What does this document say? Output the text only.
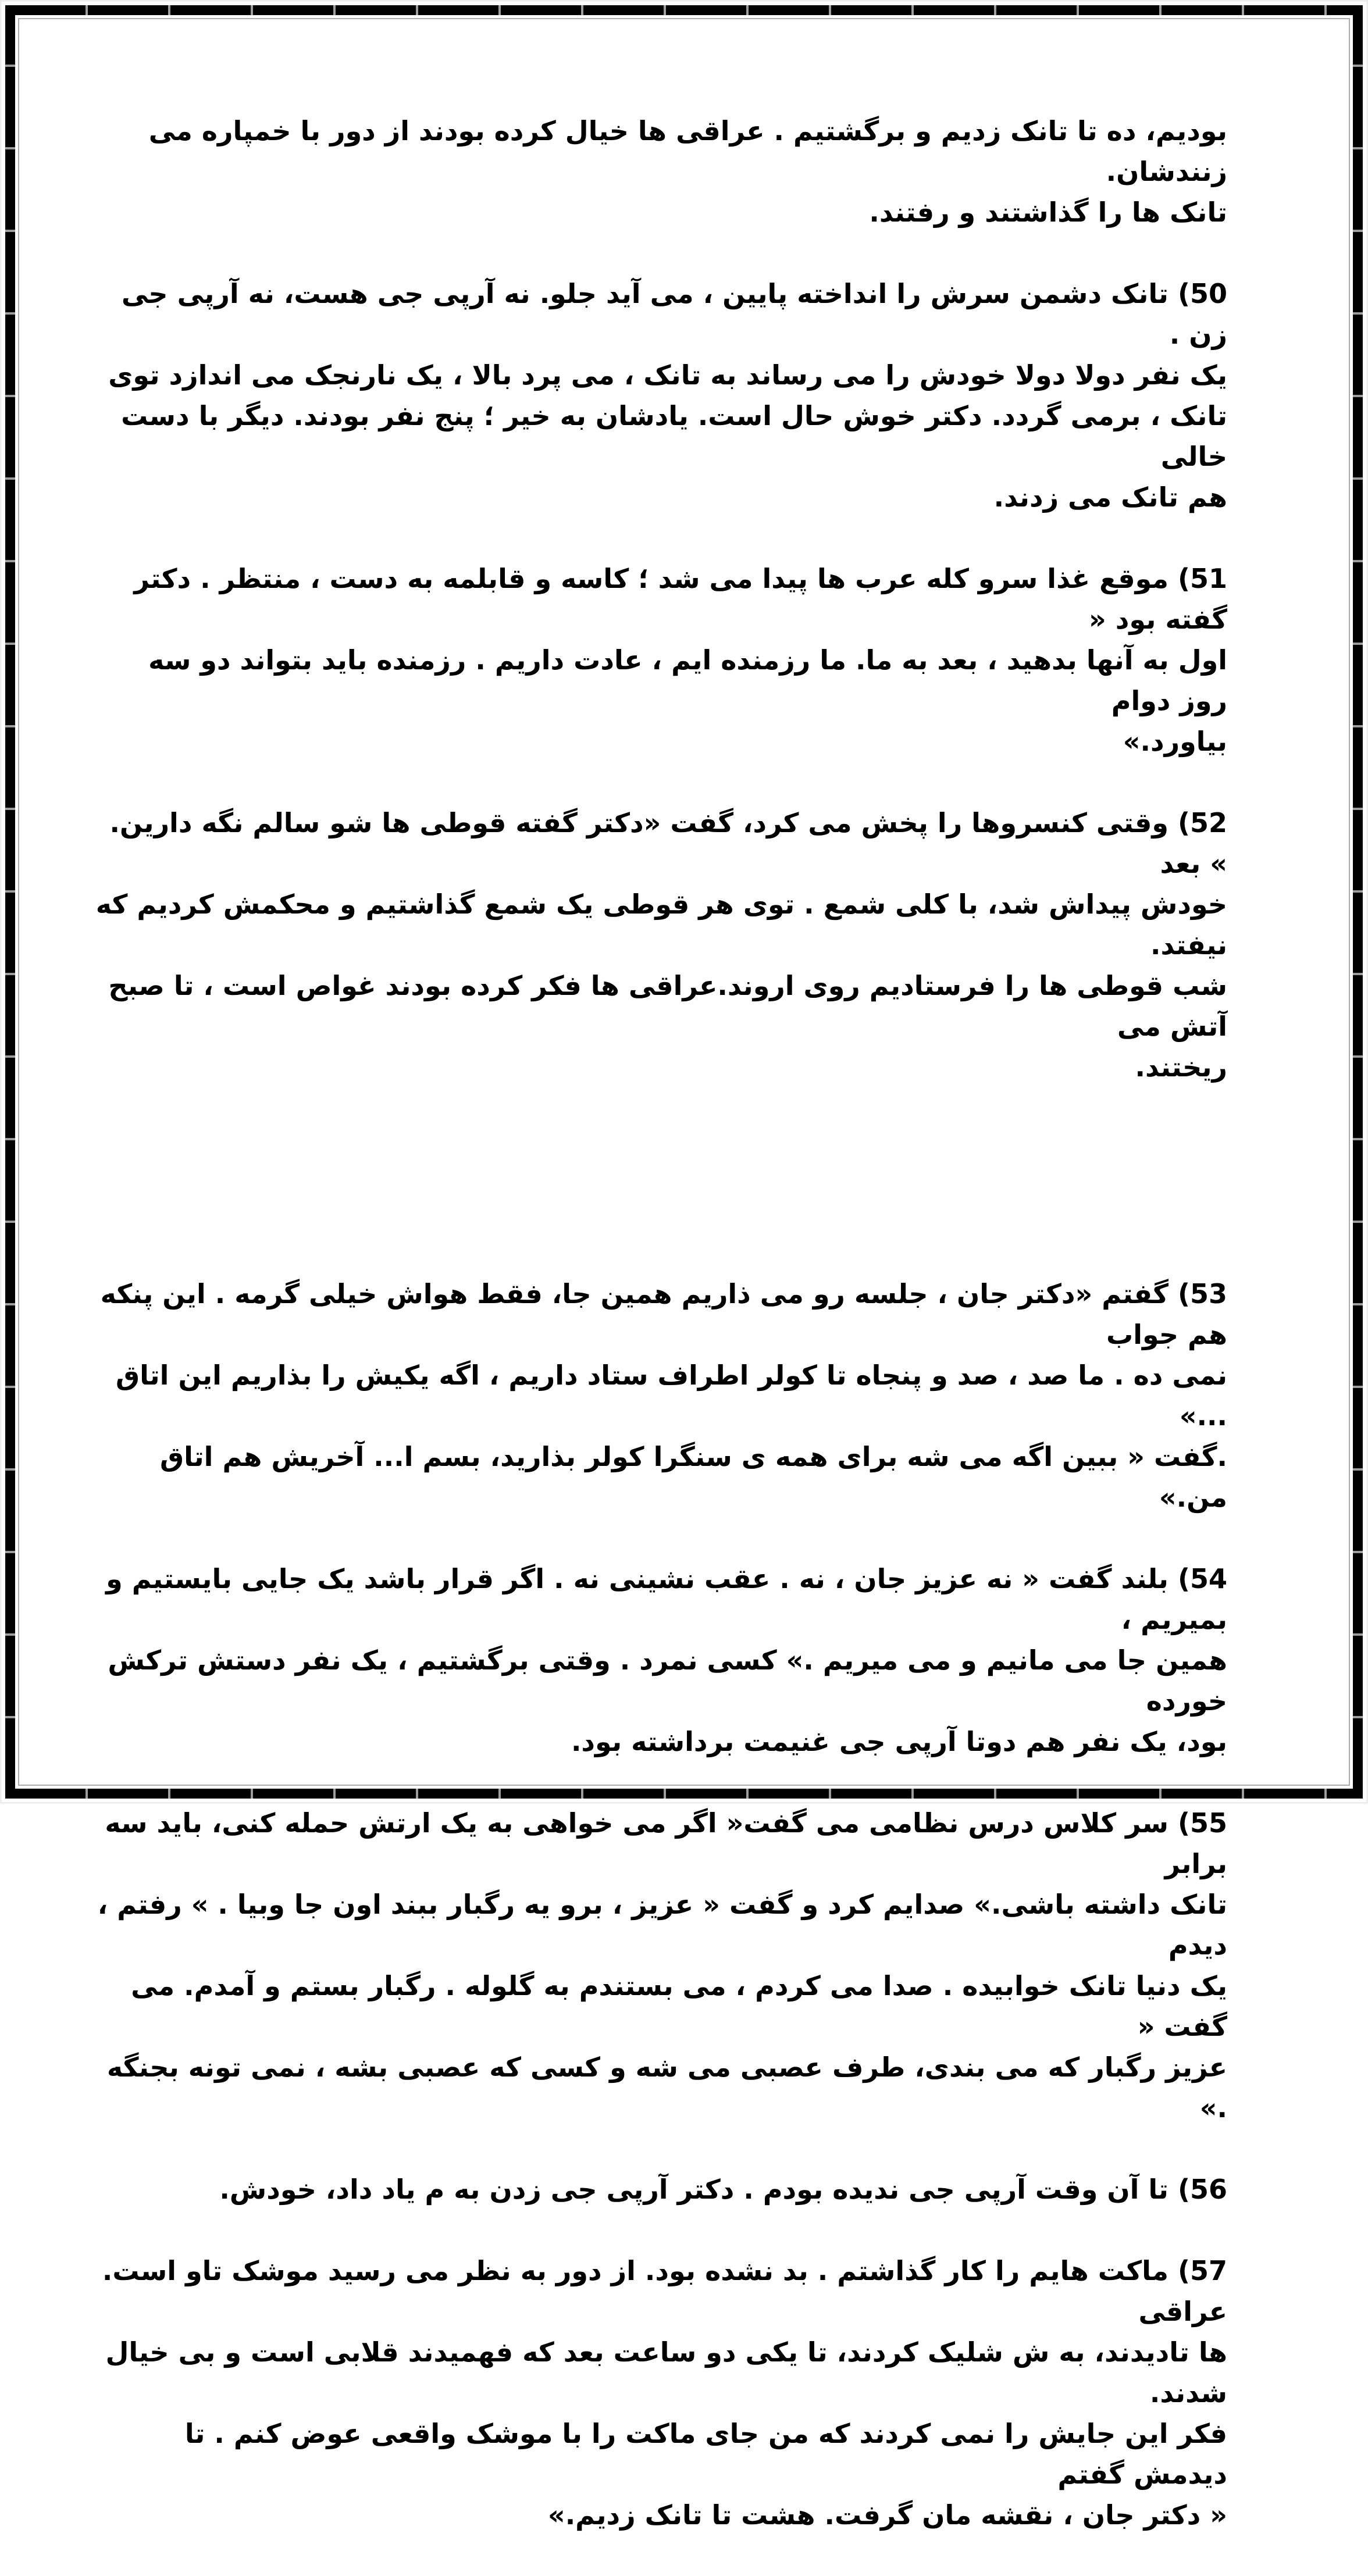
بودیم، ده تا تانک زدیم و برگشتیم . عراقی ها خیال کرده بودند از دور با خمپاره می زنندشان.
تانک ها را گذاشتند و رفتند.

50) تانک دشمن سرش را انداخته پایین ، می آید جلو. نه آرپی جی هست، نه آرپی جی زن .
یک نفر دولا دولا خودش را می رساند به تانک ، می پرد بالا ، یک نارنجک می اندازد توی
تانک ، برمی گردد. دکتر خوش حال است. یادشان به خیر ؛ پنج نفر بودند. دیگر با دست خالی
هم تانک می زدند.

51) موقع غذا سرو کله عرب ها پیدا می شد ؛ کاسه و قابلمه به دست ، منتظر . دکتر گفته بود «
اول به آنها بدهید ، بعد به ما. ما رزمنده ایم ، عادت داریم . رزمنده باید بتواند دو سه روز دوام
بیاورد.»

52) وقتی کنسروها را پخش می کرد، گفت «دکتر گفته قوطی ها شو سالم نگه دارین. » بعد
خودش پیداش شد، با کلی شمع . توی هر قوطی یک شمع گذاشتیم و محکمش کردیم که نیفتد.
شب قوطی ها را فرستادیم روی اروند.عراقی ها فکر کرده بودند غواص است ، تا صبح آتش می
ریختند.

53) گفتم «دکتر جان ، جلسه رو می ذاریم همین جا، فقط هواش خیلی گرمه . این پنکه هم جواب
نمی ده . ما صد ، صد و پنجاه تا کولر اطراف ستاد داریم ، اگه یکیش را بذاریم این اتاق ...»
.گفت « ببین اگه می شه برای همه ی سنگرا کولر بذارید، بسم ا... آخریش هم اتاق من.»

54) بلند گفت « نه عزیز جان ، نه . عقب نشینی نه . اگر قرار باشد یک جایی بایستیم و بمیریم ،
همین جا می مانیم و می میریم .» کسی نمرد . وقتی برگشتیم ، یک نفر دستش ترکش خورده
بود، یک نفر هم دوتا آرپی جی غنیمت برداشته بود.

55) سر کلاس درس نظامی می گفت« اگر می خواهی به یک ارتش حمله کنی، باید سه برابر
تانک داشته باشی.» صدایم کرد و گفت « عزیز ، برو یه رگبار ببند اون جا وبیا . » رفتم ، دیدم
یک دنیا تانک خوابیده . صدا می کردم ، می بستندم به گلوله . رگبار بستم و آمدم. می گفت «
عزیز رگبار که می بندی، طرف عصبی می شه و کسی که عصبی بشه ، نمی تونه بجنگه .»

56) تا آن وقت آرپی جی ندیده بودم . دکتر آرپی جی زدن به م یاد داد، خودش.

57) ماکت هایم را کار گذاشتم . بد نشده بود. از دور به نظر می رسید موشک تاو است. عراقی
ها تادیدند، به ش شلیک کردند، تا یکی دو ساعت بعد که فهمیدند قلابی است و بی خیال شدند.
فکر این جایش را نمی کردند که من جای ماکت را با موشک واقعی عوض کنم . تا دیدمش گفتم
« دکتر جان ، نقشه مان گرفت. هشت تا تانک زدیم.»
